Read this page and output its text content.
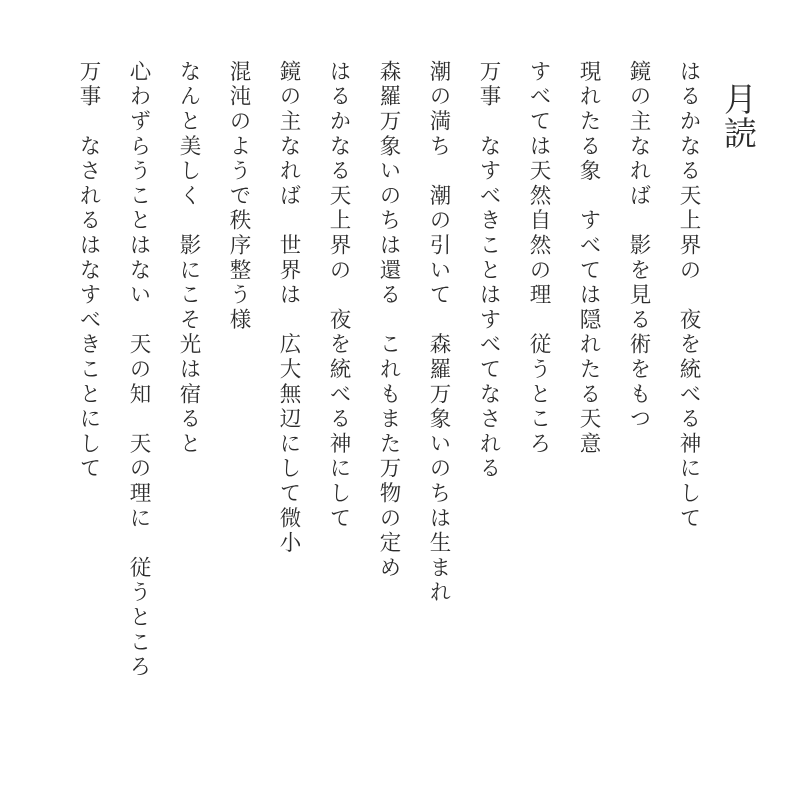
月読
はるかなる天上界の　夜を統べる神にして
鏡の主なれば　影を見る術をもつ
現れたる象　すべては隠れたる天意
すべては天然自然の理　従うところ
万事　なすべきことはすべてなされる
潮の満ち　潮の引いて　森羅万象いのちは生まれ
森羅万象いのちは還る　これもまた万物の定め
はるかなる天上界の　夜を統べる神にして
鏡の主なれば　世界は　広大無辺にして微小
混沌のようで秩序整う様
なんと美しく　影にこそ光は宿ると
心わずらうことはない　天の知　天の理に　従うところ
万事　なされるはなすべきことにして
